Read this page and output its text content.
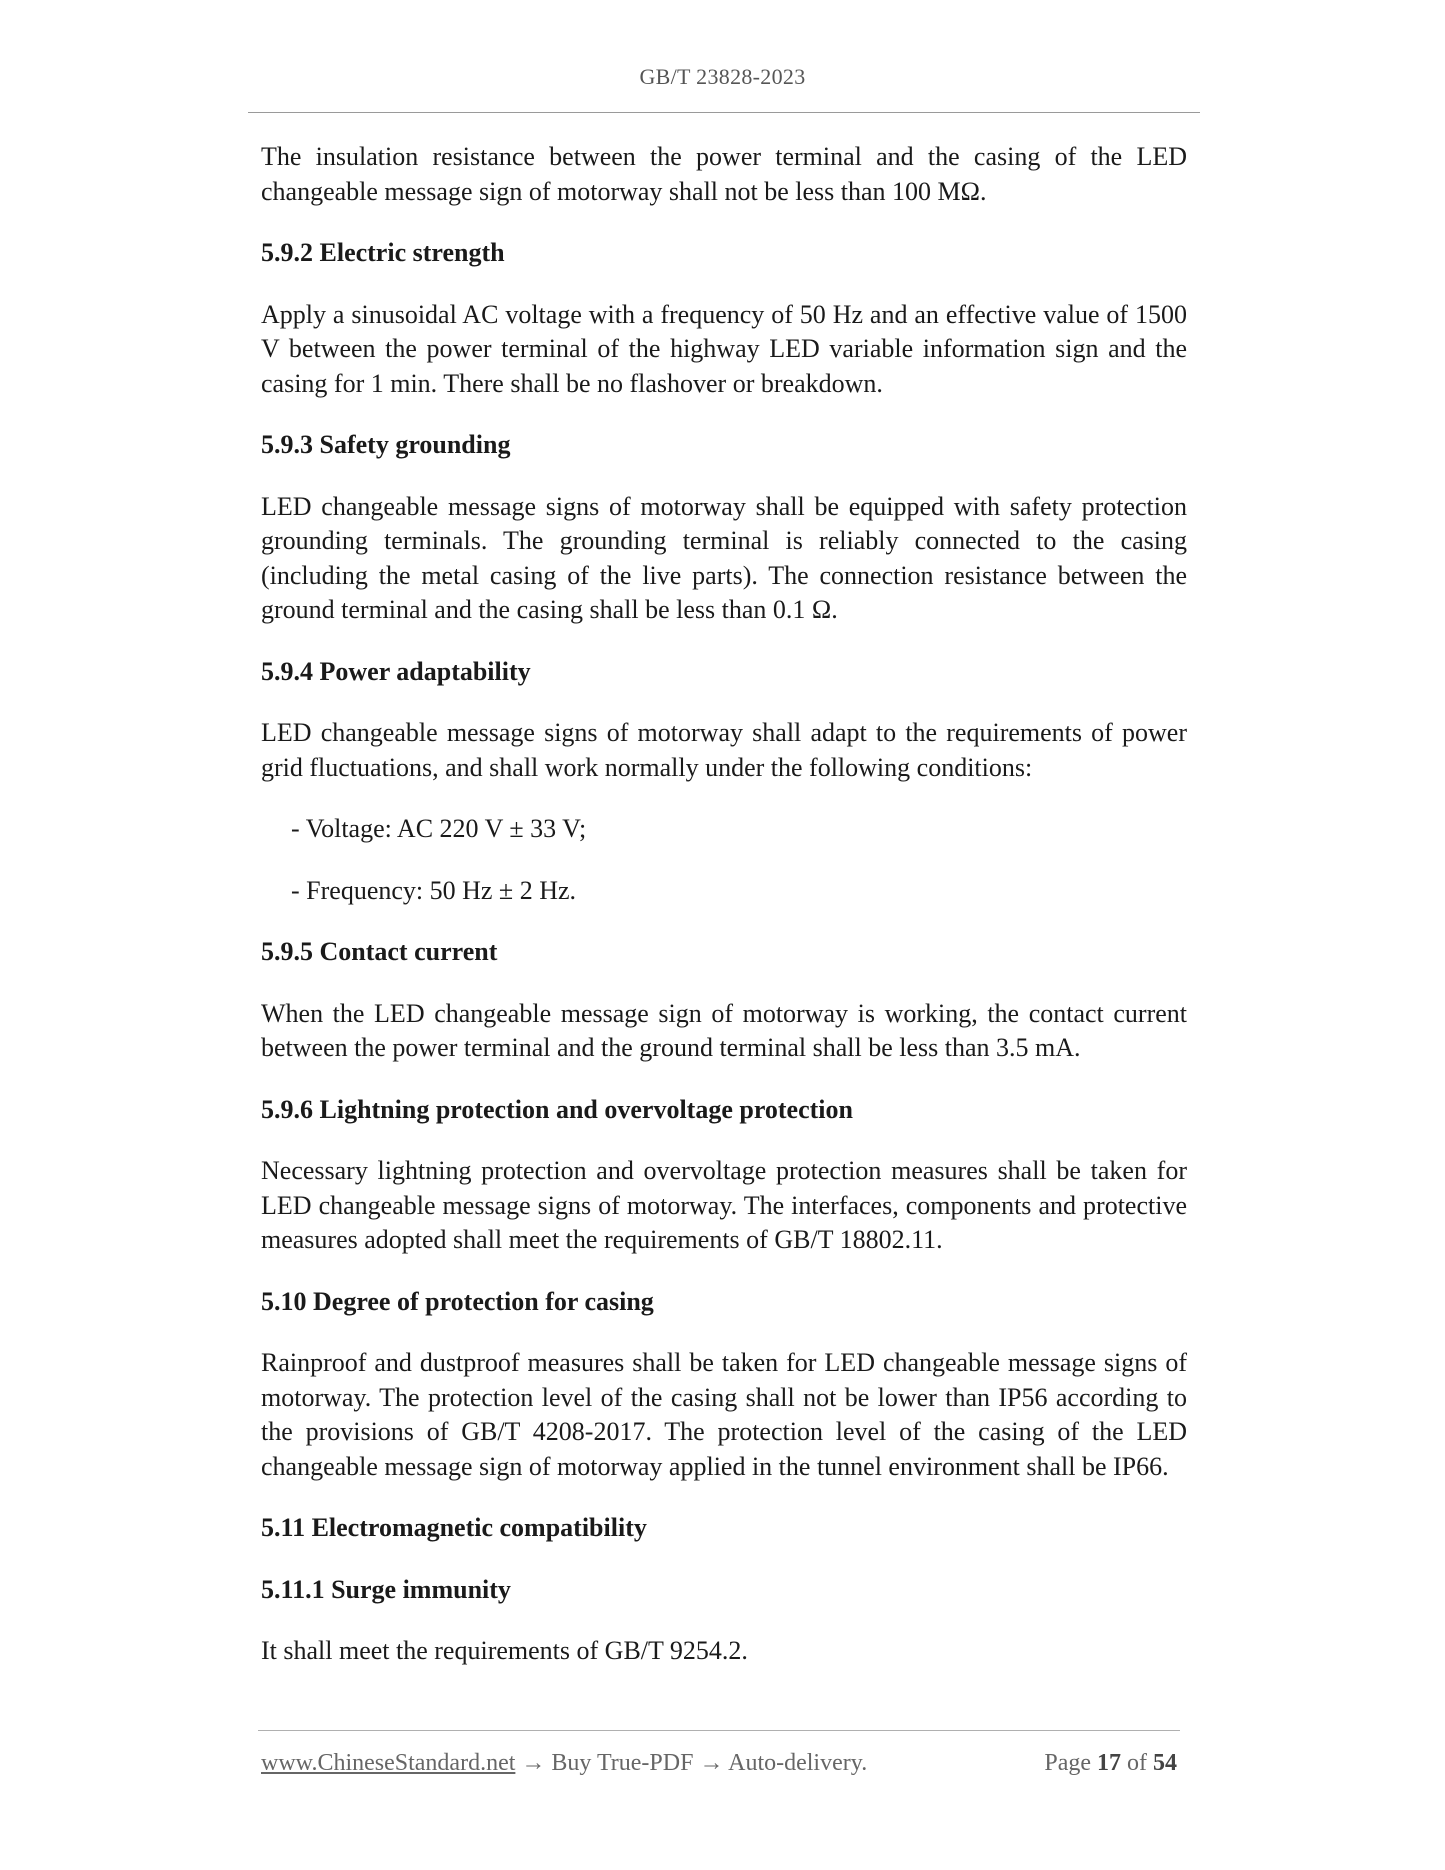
GB/T 23828-2023

The insulation resistance between the power terminal and the casing of the LED changeable message sign of motorway shall not be less than 100 MΩ.

5.9.2 Electric strength

Apply a sinusoidal AC voltage with a frequency of 50 Hz and an effective value of 1500 V between the power terminal of the highway LED variable information sign and the casing for 1 min. There shall be no flashover or breakdown.

5.9.3 Safety grounding

LED changeable message signs of motorway shall be equipped with safety protection grounding terminals. The grounding terminal is reliably connected to the casing (including the metal casing of the live parts). The connection resistance between the ground terminal and the casing shall be less than 0.1 Ω.

5.9.4 Power adaptability

LED changeable message signs of motorway shall adapt to the requirements of power grid fluctuations, and shall work normally under the following conditions:

- Voltage: AC 220 V ± 33 V;

- Frequency: 50 Hz ± 2 Hz.

5.9.5 Contact current

When the LED changeable message sign of motorway is working, the contact current between the power terminal and the ground terminal shall be less than 3.5 mA.

5.9.6 Lightning protection and overvoltage protection

Necessary lightning protection and overvoltage protection measures shall be taken for LED changeable message signs of motorway. The interfaces, components and protective measures adopted shall meet the requirements of GB/T 18802.11.

5.10 Degree of protection for casing

Rainproof and dustproof measures shall be taken for LED changeable message signs of motorway. The protection level of the casing shall not be lower than IP56 according to the provisions of GB/T 4208-2017. The protection level of the casing of the LED changeable message sign of motorway applied in the tunnel environment shall be IP66.

5.11 Electromagnetic compatibility

5.11.1 Surge immunity

It shall meet the requirements of GB/T 9254.2.

www.ChineseStandard.net → Buy True-PDF → Auto-delivery.	Page 17 of 54
